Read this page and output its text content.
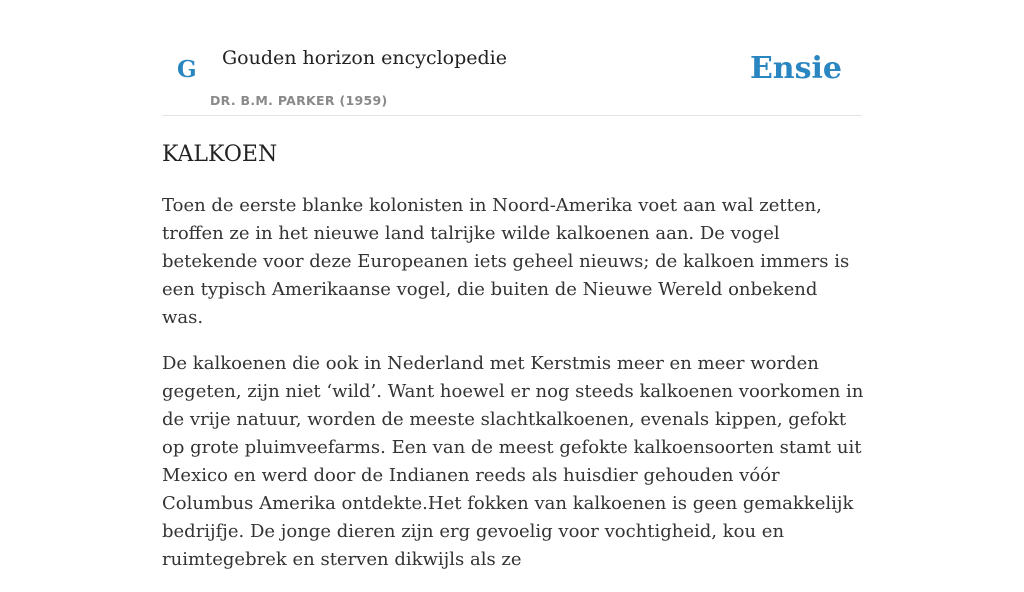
G Gouden horizon encyclopedie
DR. B.M. PARKER (1959)
Ensie
KALKOEN

Toen de eerste blanke kolonisten in Noord-Amerika voet aan wal zetten, troffen ze in het nieuwe land talrijke wilde kalkoenen aan. De vogel betekende voor deze Europeanen iets geheel nieuws; de kalkoen immers is een typisch Amerikaanse vogel, die buiten de Nieuwe Wereld onbekend was.

De kalkoenen die ook in Nederland met Kerstmis meer en meer worden gegeten, zijn niet ‘wild’. Want hoewel er nog steeds kalkoenen voorkomen in de vrije natuur, worden de meeste slachtkalkoenen, evenals kippen, gefokt op grote pluimveefarms. Een van de meest gefokte kalkoensoorten stamt uit Mexico en werd door de Indianen reeds als huisdier gehouden vóór Columbus Amerika ontdekte.Het fokken van kalkoenen is geen gemakkelijk bedrijfje. De jonge dieren zijn erg gevoelig voor vochtigheid, kou en ruimtegebrek en sterven dikwijls als ze
